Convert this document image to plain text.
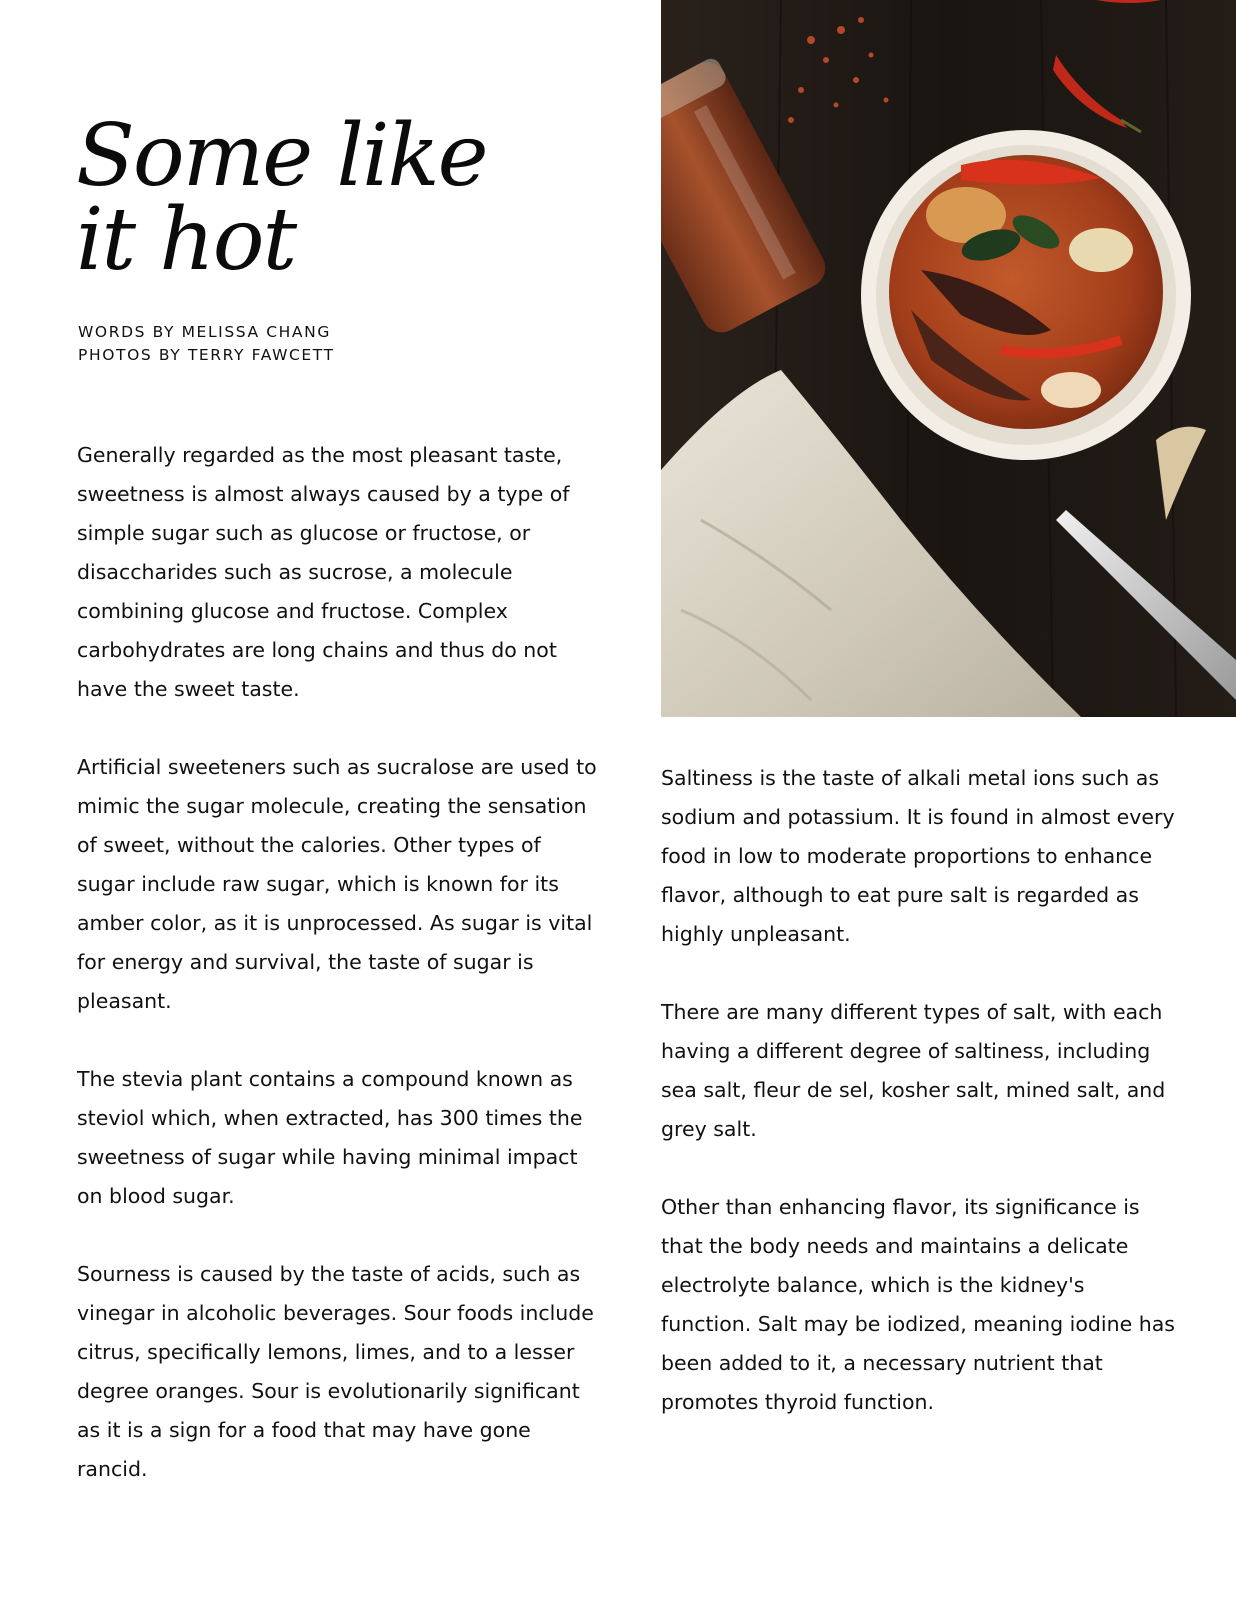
Some like
it hot
WORDS BY MELISSA CHANG
PHOTOS BY TERRY FAWCETT

Generally regarded as the most pleasant taste, sweetness is almost always caused by a type of simple sugar such as glucose or fructose, or disaccharides such as sucrose, a molecule combining glucose and fructose. Complex carbohydrates are long chains and thus do not have the sweet taste.

Artificial sweeteners such as sucralose are used to mimic the sugar molecule, creating the sensation of sweet, without the calories. Other types of sugar include raw sugar, which is known for its amber color, as it is unprocessed. As sugar is vital for energy and survival, the taste of sugar is pleasant.

The stevia plant contains a compound known as steviol which, when extracted, has 300 times the sweetness of sugar while having minimal impact on blood sugar.

Sourness is caused by the taste of acids, such as vinegar in alcoholic beverages. Sour foods include citrus, specifically lemons, limes, and to a lesser degree oranges. Sour is evolutionarily significant as it is a sign for a food that may have gone rancid.

Saltiness is the taste of alkali metal ions such as sodium and potassium. It is found in almost every food in low to moderate proportions to enhance flavor, although to eat pure salt is regarded as highly unpleasant.

There are many different types of salt, with each having a different degree of saltiness, including sea salt, fleur de sel, kosher salt, mined salt, and grey salt.

Other than enhancing flavor, its significance is that the body needs and maintains a delicate electrolyte balance, which is the kidney's function. Salt may be iodized, meaning iodine has been added to it, a necessary nutrient that promotes thyroid function.
